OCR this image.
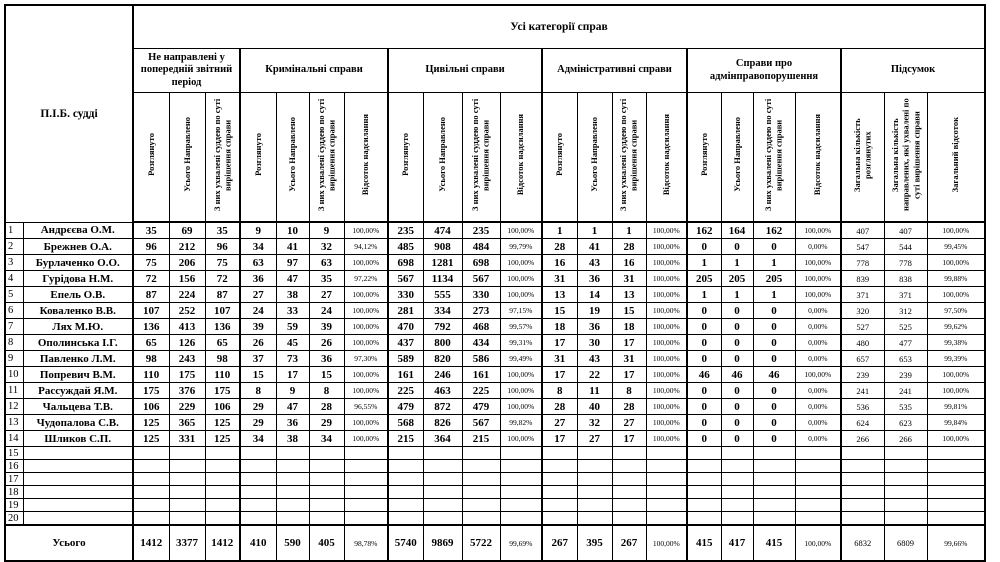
П.І.Б. судді		Усі категорії справ																					
		Не направлені у попередній звітний період			Кримінальні справи				Цивільні справи				Адміністративні справи				Справи про адмінправопорушення				Підсумок		
		Розглянуто	Усього Направлено	З них ухвалені суддею по суті вирішення справи	Розглянуто	Усього Направлено	З них ухвалені суддею по суті вирішення справи	Відсоток надсилання	Розглянуто	Усього Направлено	З них ухвалені суддею по суті вирішення справи	Відсоток надсилання	Розглянуто	Усього Направлено	З них ухвалені суддею по суті вирішення справи	Відсоток надсилання	Розглянуто	Усього Направлено	З них ухвалені суддею по суті вирішення справи	Відсоток надсилання	Загальна кількість розглянутих	Загальна кількість направлених, які ухвалені по суті вирішення справи	Загальний відсоток
1	Андрєєва О.М.	35	69	35	9	10	9	100,00%	235	474	235	100,00%	1	1	1	100,00%	162	164	162	100,00%	407	407	100,00%
2	Брежнев О.А.	96	212	96	34	41	32	94,12%	485	908	484	99,79%	28	41	28	100,00%	0	0	0	0,00%	547	544	99,45%
3	Бурлаченко О.О.	75	206	75	63	97	63	100,00%	698	1281	698	100,00%	16	43	16	100,00%	1	1	1	100,00%	778	778	100,00%
4	Гурідова Н.М.	72	156	72	36	47	35	97,22%	567	1134	567	100,00%	31	36	31	100,00%	205	205	205	100,00%	839	838	99,88%
5	Епель О.В.	87	224	87	27	38	27	100,00%	330	555	330	100,00%	13	14	13	100,00%	1	1	1	100,00%	371	371	100,00%
6	Коваленко В.В.	107	252	107	24	33	24	100,00%	281	334	273	97,15%	15	19	15	100,00%	0	0	0	0,00%	320	312	97,50%
7	Лях М.Ю.	136	413	136	39	59	39	100,00%	470	792	468	99,57%	18	36	18	100,00%	0	0	0	0,00%	527	525	99,62%
8	Ополинська І.Г.	65	126	65	26	45	26	100,00%	437	800	434	99,31%	17	30	17	100,00%	0	0	0	0,00%	480	477	99,38%
9	Павленко Л.М.	98	243	98	37	73	36	97,30%	589	820	586	99,49%	31	43	31	100,00%	0	0	0	0,00%	657	653	99,39%
10	Попревич В.М.	110	175	110	15	17	15	100,00%	161	246	161	100,00%	17	22	17	100,00%	46	46	46	100,00%	239	239	100,00%
11	Рассуждай Я.М.	175	376	175	8	9	8	100,00%	225	463	225	100,00%	8	11	8	100,00%	0	0	0	0,00%	241	241	100,00%
12	Чальцева Т.В.	106	229	106	29	47	28	96,55%	479	872	479	100,00%	28	40	28	100,00%	0	0	0	0,00%	536	535	99,81%
13	Чудопалова С.В.	125	365	125	29	36	29	100,00%	568	826	567	99,82%	27	32	27	100,00%	0	0	0	0,00%	624	623	99,84%
14	Шликов С.П.	125	331	125	34	38	34	100,00%	215	364	215	100,00%	17	27	17	100,00%	0	0	0	0,00%	266	266	100,00%
15																							
16																							
17																							
18																							
19																							
20																							
Усього		1412	3377	1412	410	590	405	98,78%	5740	9869	5722	99,69%	267	395	267	100,00%	415	417	415	100,00%	6832	6809	99,66%
